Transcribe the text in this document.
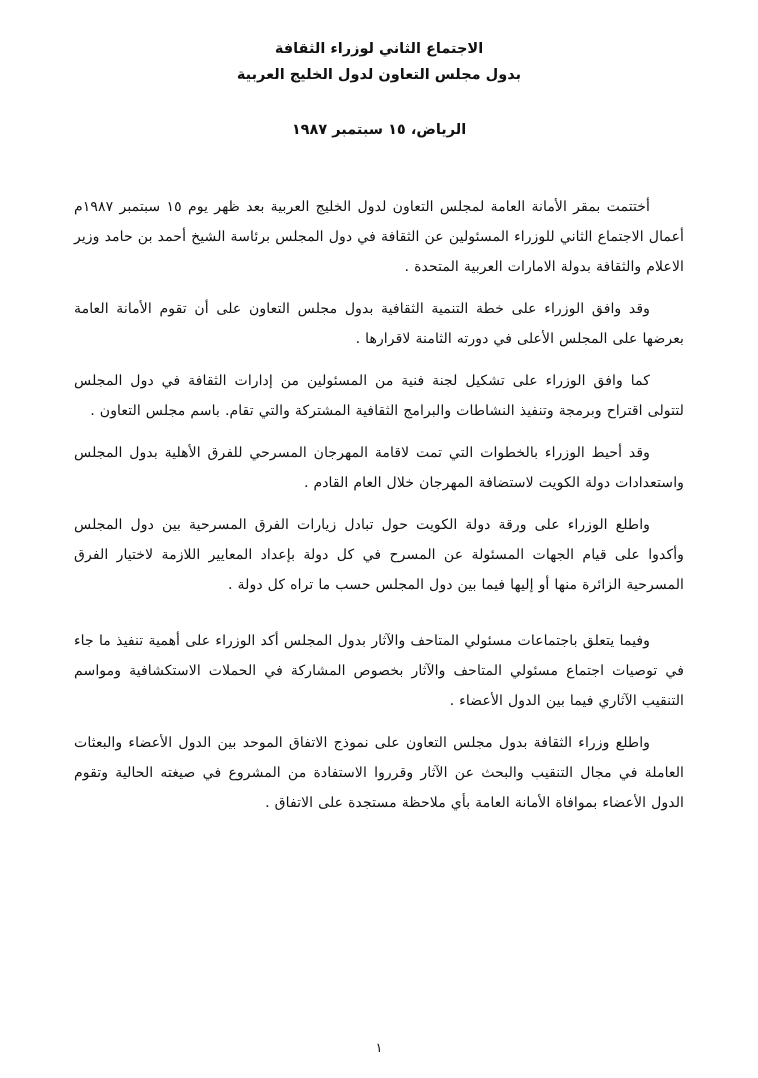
الاجتماع الثاني لوزراء الثقافة
بدول مجلس التعاون لدول الخليج العربية
الرياض، ١٥ سبتمبر ١٩٨٧

أختتمت بمقر الأمانة العامة لمجلس التعاون لدول الخليج العربية بعد ظهر يوم ١٥ سبتمبر ١٩٨٧م أعمال الاجتماع الثاني للوزراء المسئولين عن الثقافة في دول المجلس برئاسة الشيخ أحمد بن حامد وزير الاعلام والثقافة بدولة الامارات العربية المتحدة .

وقد وافق الوزراء على خطة التنمية الثقافية بدول مجلس التعاون على أن تقوم الأمانة العامة بعرضها على المجلس الأعلى في دورته الثامنة لاقرارها .

كما وافق الوزراء على تشكيل لجنة فنية من المسئولين من إدارات الثقافة في دول المجلس لتتولى اقتراح وبرمجة وتنفيذ النشاطات والبرامج الثقافية المشتركة والتي تقام. باسم مجلس التعاون .

وقد أحيط الوزراء بالخطوات التي تمت لاقامة المهرجان المسرحي للفرق الأهلية بدول المجلس واستعدادات دولة الكويت لاستضافة المهرجان خلال العام القادم .

واطلع الوزراء على ورقة دولة الكويت حول تبادل زيارات الفرق المسرحية بين دول المجلس وأكدوا على قيام الجهات المسئولة عن المسرح في كل دولة بإعداد المعايير اللازمة لاختيار الفرق المسرحية الزائرة منها أو إليها فيما بين دول المجلس حسب ما تراه كل دولة .

وفيما يتعلق باجتماعات مسئولي المتاحف والآثار بدول المجلس أكد الوزراء على أهمية تنفيذ ما جاء في توصيات اجتماع مسئولي المتاحف والآثار بخصوص المشاركة في الحملات الاستكشافية ومواسم التنقيب الآثاري فيما بين الدول الأعضاء .

واطلع وزراء الثقافة بدول مجلس التعاون على نموذج الاتفاق الموحد بين الدول الأعضاء والبعثات العاملة في مجال التنقيب والبحث عن الآثار وقرروا الاستفادة من المشروع في صيغته الحالية وتقوم الدول الأعضاء بموافاة الأمانة العامة بأي ملاحظة مستجدة على الاتفاق .

١
